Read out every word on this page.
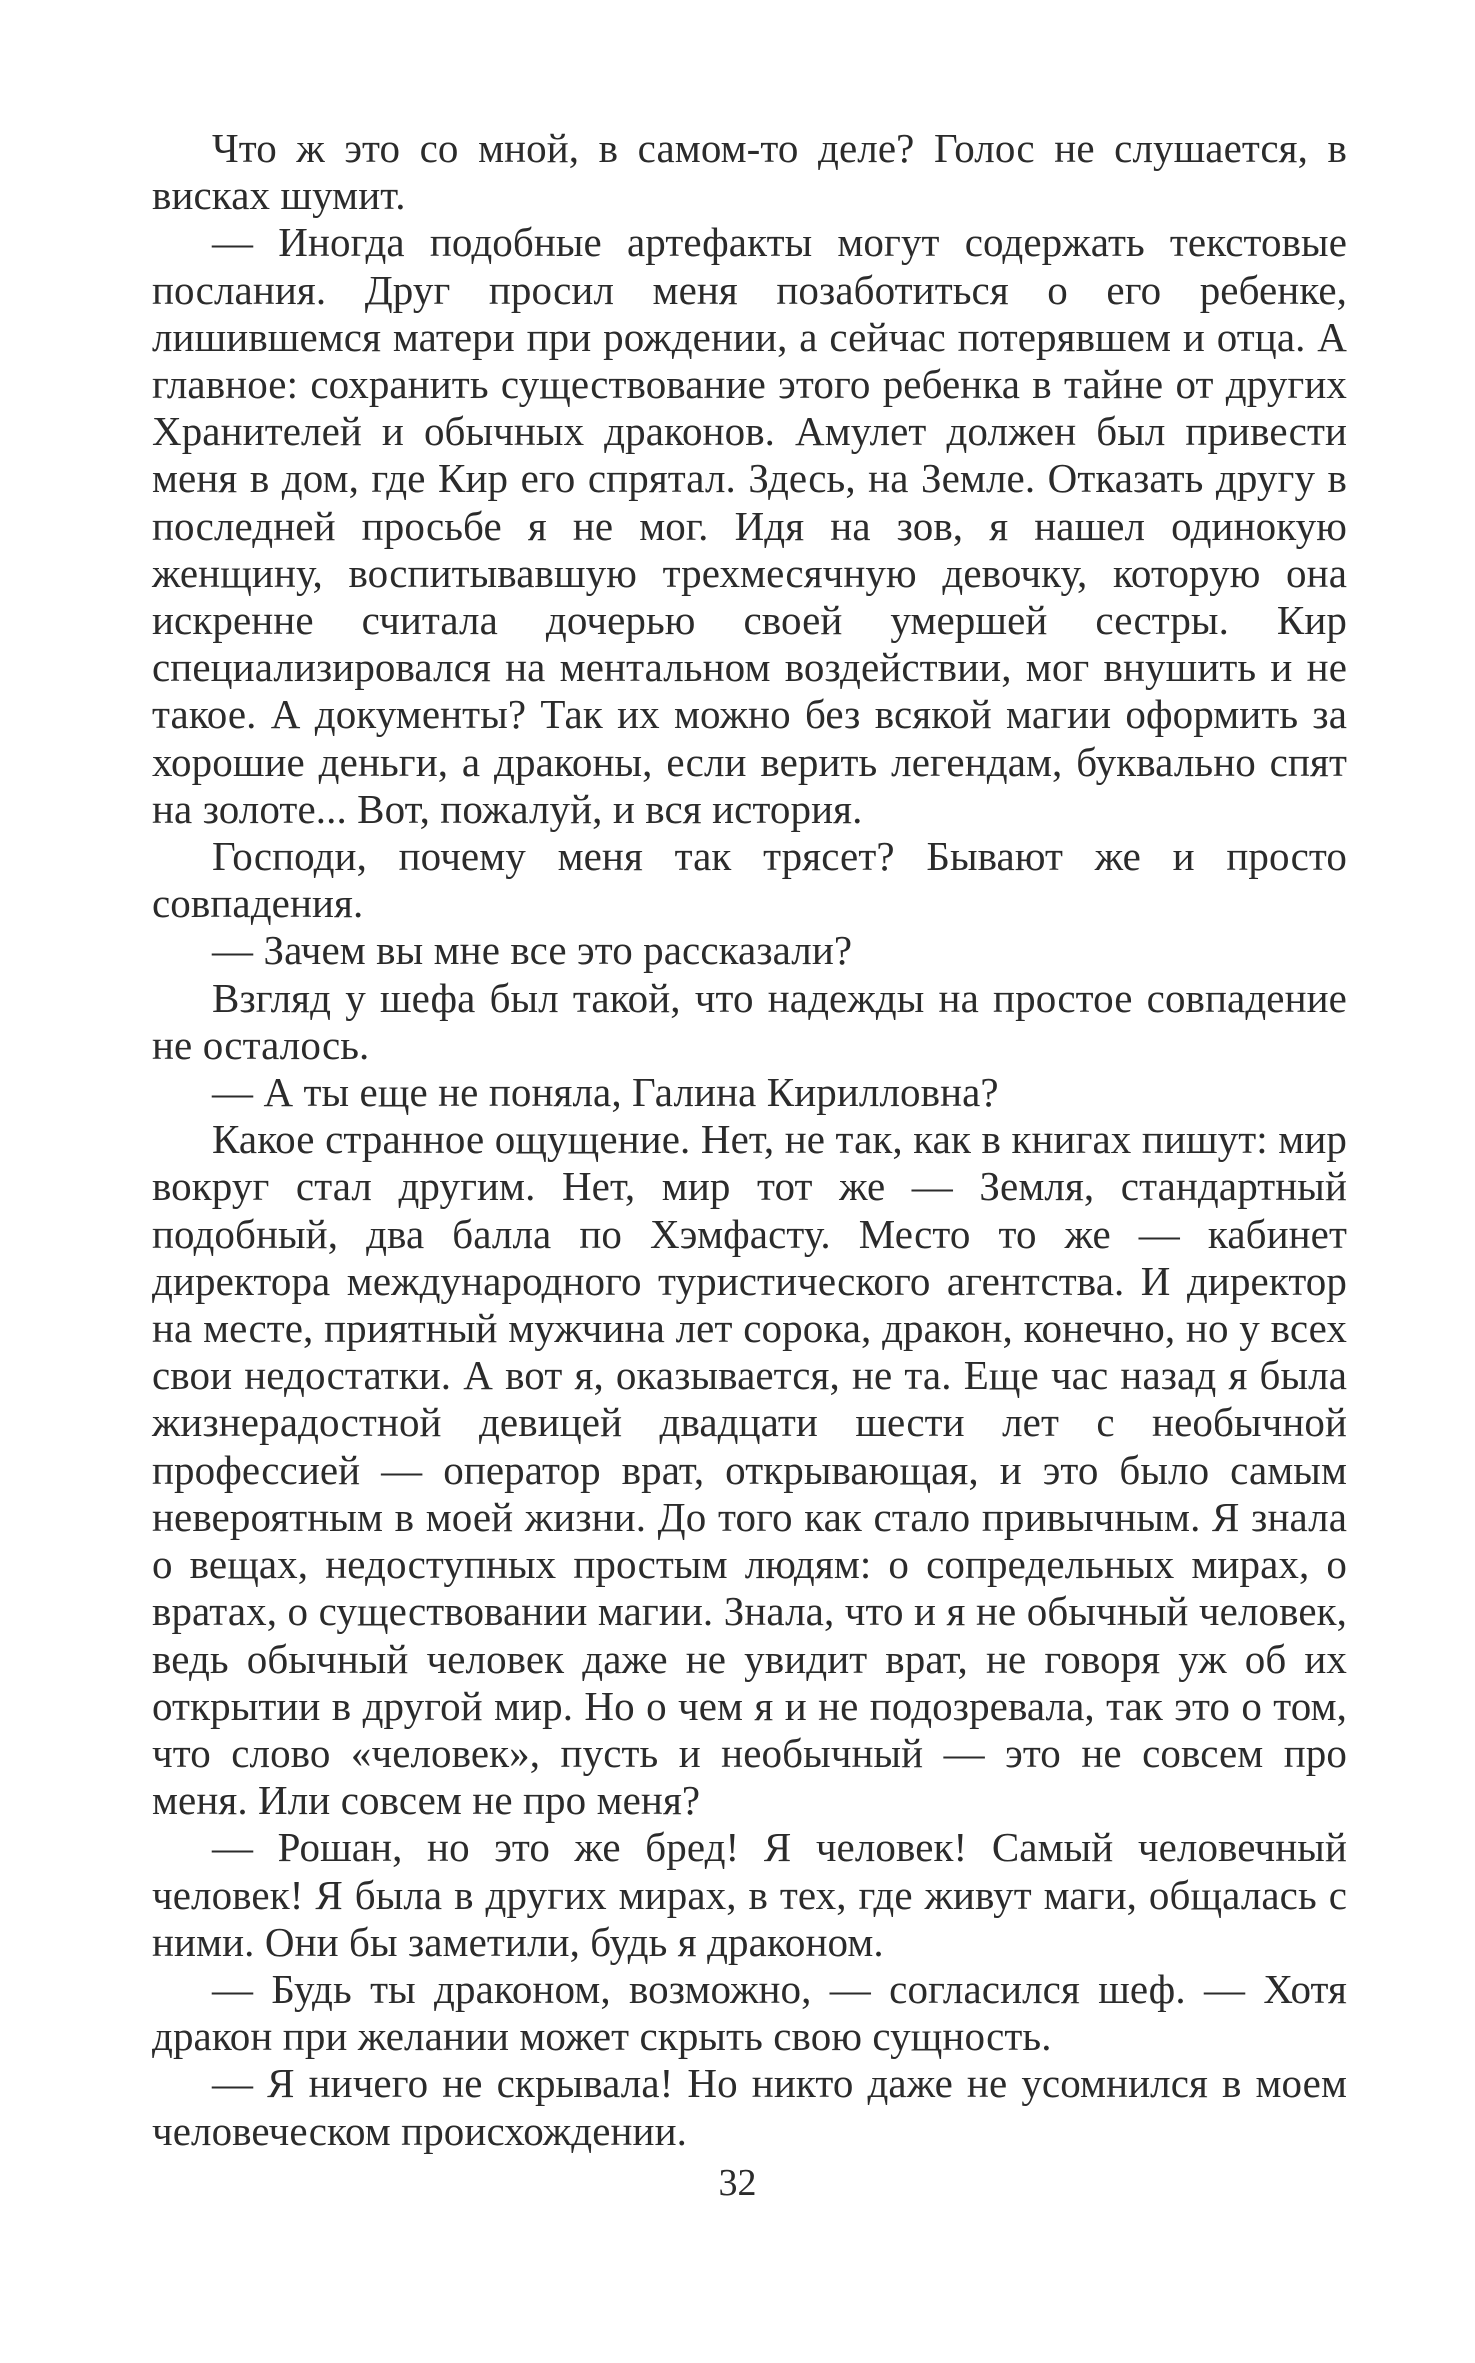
Что ж это со мной, в самом-то деле? Голос не слушается, в висках шумит.

— Иногда подобные артефакты могут содержать текстовые послания. Друг просил меня позаботиться о его ребенке, лишившемся матери при рождении, а сейчас потерявшем и отца. А главное: сохранить существование этого ребенка в тайне от других Хранителей и обычных драконов. Амулет должен был привести меня в дом, где Кир его спрятал. Здесь, на Земле. Отказать другу в последней просьбе я не мог. Идя на зов, я нашел одинокую женщину, воспитывавшую трехмесячную девочку, которую она искренне считала дочерью своей умершей сестры. Кир специализировался на ментальном воздействии, мог внушить и не такое. А документы? Так их можно без всякой магии оформить за хорошие деньги, а драконы, если верить легендам, буквально спят на золоте... Вот, пожалуй, и вся история.

Господи, почему меня так трясет? Бывают же и просто совпадения.

— Зачем вы мне все это рассказали?

Взгляд у шефа был такой, что надежды на простое совпадение не осталось.

— А ты еще не поняла, Галина Кирилловна?

Какое странное ощущение. Нет, не так, как в книгах пишут: мир вокруг стал другим. Нет, мир тот же — Земля, стандартный подобный, два балла по Хэмфасту. Место то же — кабинет директора международного туристического агентства. И директор на месте, приятный мужчина лет сорока, дракон, конечно, но у всех свои недостатки. А вот я, оказывается, не та. Еще час назад я была жизнерадостной девицей двадцати шести лет с необычной профессией — оператор врат, открывающая, и это было самым невероятным в моей жизни. До того как стало привычным. Я знала о вещах, недоступных простым людям: о сопредельных мирах, о вратах, о существовании магии. Знала, что и я не обычный человек, ведь обычный человек даже не увидит врат, не говоря уж об их открытии в другой мир. Но о чем я и не подозревала, так это о том, что слово «человек», пусть и необычный — это не совсем про меня. Или совсем не про меня?

— Рошан, но это же бред! Я человек! Самый человечный человек! Я была в других мирах, в тех, где живут маги, общалась с ними. Они бы заметили, будь я драконом.

— Будь ты драконом, возможно, — согласился шеф. — Хотя дракон при желании может скрыть свою сущность.

— Я ничего не скрывала! Но никто даже не усомнился в моем человеческом происхождении.

32
